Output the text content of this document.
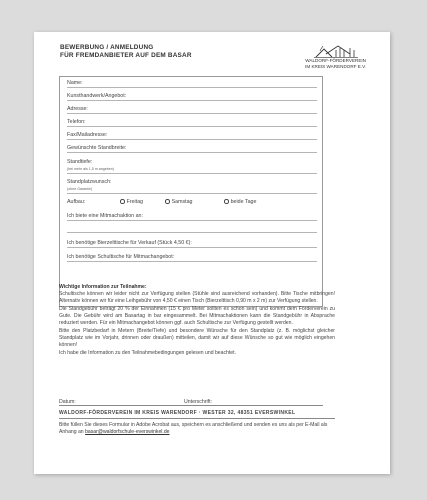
BEWERBUNG / ANMELDUNG
FÜR FREMDANBIETER AUF DEM BASAR
WALDORF-FÖRDERVEREIN
IM KREIS WARENDORF E.V.
Name:
Kunsthandwerk/Angebot:
Adresse:
Telefon:
Fax/Mailadresse:
Gewünschte Standbreite:
Standtiefe:
(bei mehr als 1,5 m angeben)
Standplatzwunsch:
(ohne Garantie)
Aufbau:	Freitag	Samstag	beide Tage
Ich biete eine Mitmachaktion an:
Ich benötige Bierzelttische für Verkauf (Stück 4,50 €):
Ich benötige Schultische für Mitmachangebot:

Wichtige Information zur Teilnahme:

Schultische können wir leider nicht zur Verfügung stellen (Stühle sind ausreichend vorhanden). Bitte Tische mitbringen! Alternativ können wir für eine Leihgebühr von 4,50 € einen Tisch (Bierzelttisch 0,90 m x 2 m) zur Verfügung stellen.

Die Standgebühr beträgt 20 % der Einnahmen (15 € pro Meter sollten es schon sein) und kommt dem Förderverein zu Gute. Die Gebühr wird am Basartag in bar eingesammelt. Bei Mitmachaktionen kann die Standgebühr in Absprache reduziert werden. Für ein Mitmachangebot können ggf. auch Schultische zur Verfügung gestellt werden.

Bitte den Platzbedarf in Metern (Breite/Tiefe) und besondere Wünsche für den Standplatz (z. B. möglichst gleicher Standplatz wie im Vorjahr, drinnen oder draußen) mitteilen, damit wir auf diese Wünsche so gut wie möglich eingehen können!

Ich habe die Information zu den Teilnahmebedingungen gelesen und beachtet.

Datum:	Unterschrift:
WALDORF-FÖRDERVEREIN IM KREIS WARENDORF · WESTER 32, 48351 EVERSWINKEL
Bitte füllen Sie dieses Formular in Adobe Acrobat aus, speichern es anschließend und senden es uns als per E-Mail als Anhang an basar@waldorfschule-everswinkel.de
